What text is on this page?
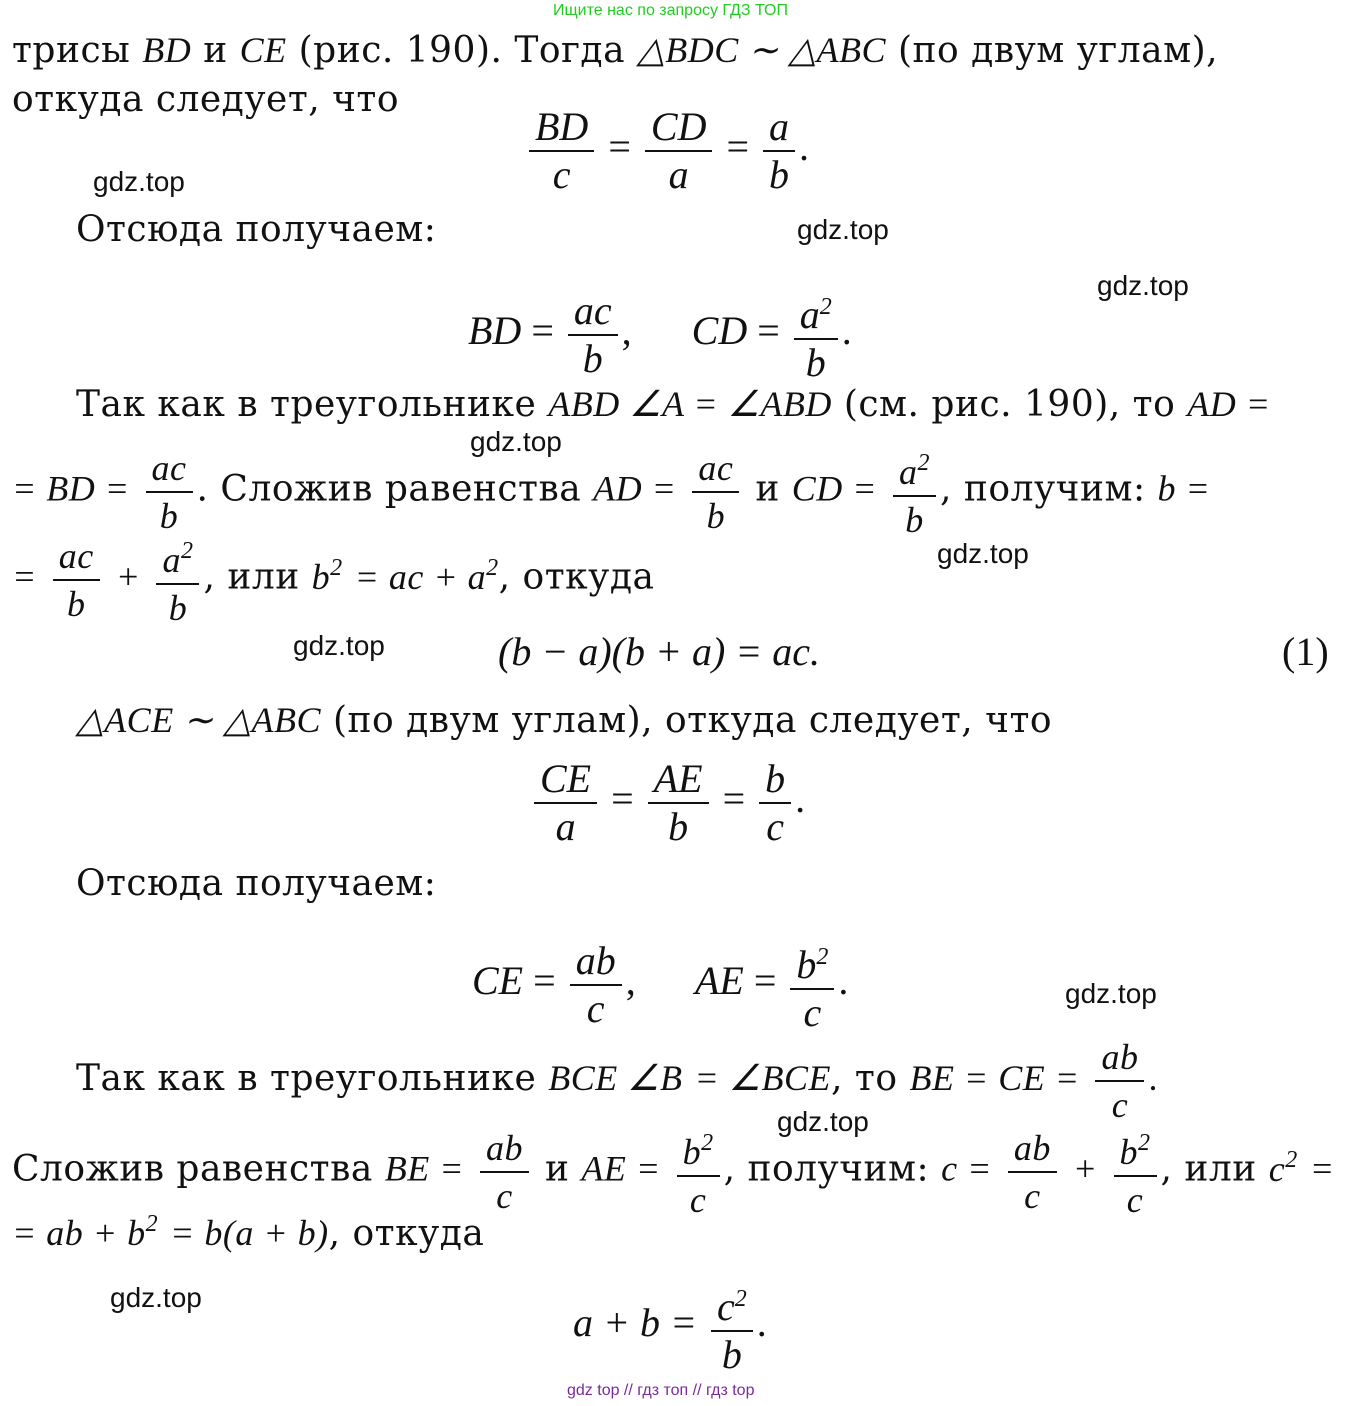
Ищите нас по запросу ГДЗ ТОП
трисы BD и CE (рис. 190). Тогда △BDC ∼ △ABC (по двум углам),
откуда следует, что
$\frac{BD}{c} = \frac{CD}{a} = \frac{a}{b}$ .
gdz.top
Отсюда получаем:	gdz.top
gdz.top
BD = $\frac{ac}{b}$ , CD = $\frac{a^2}{b}$ .
Так как в треугольнике ABD ∠A = ∠ABD (см. рис. 190), то AD =
gdz.top
= BD = $\frac{ac}{b}$ . Сложив равенства AD = $\frac{ac}{b}$ и CD = $\frac{a^2}{b}$ , получим: b =
= $\frac{ac}{b} + \frac{a^2}{b}$ , или $b^2$ = ac + $a^2$, откуда
gdz.top
gdz.top	(b − a)(b + a) = ac.	(1)
△ACE ∼ △ABC (по двум углам), откуда следует, что
$\frac{CE}{a} = \frac{AE}{b} = \frac{b}{c}$ .
Отсюда получаем:
CE = $\frac{ab}{c}$ , AE = $\frac{b^2}{c}$ .	gdz.top
Так как в треугольнике BCE ∠B = ∠BCE, то BE = CE = $\frac{ab}{c}$ .
gdz.top
Сложив равенства BE = $\frac{ab}{c}$ и AE = $\frac{b^2}{c}$ , получим: $c = \frac{ab}{c} + \frac{b^2}{c}$ , или $c^2$ =
= ab + $b^2 = b(a + b)$, откуда
gdz.top
$a + b = \frac{c^2}{b}$ .
gdz top // гдз топ // гдз top
